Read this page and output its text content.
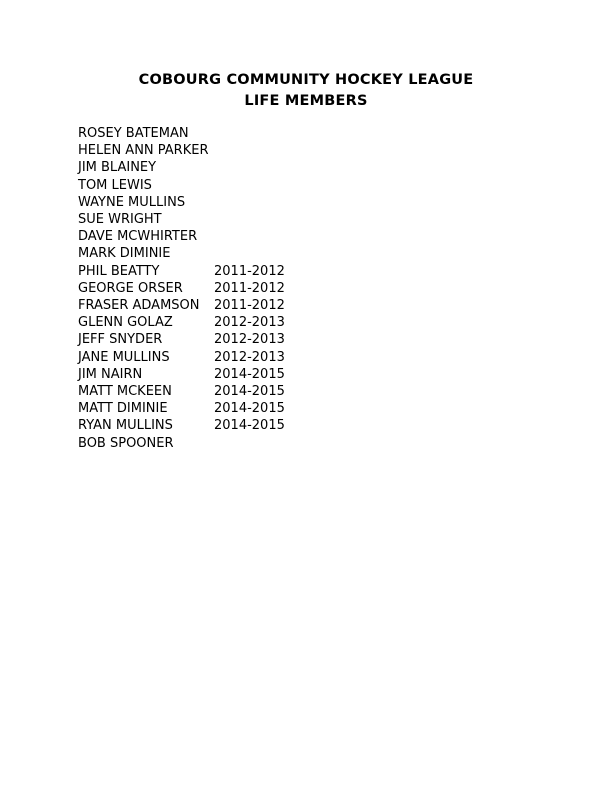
COBOURG COMMUNITY HOCKEY LEAGUE
LIFE MEMBERS
ROSEY BATEMAN
HELEN ANN PARKER
JIM BLAINEY
TOM LEWIS
WAYNE MULLINS
SUE WRIGHT
DAVE MCWHIRTER
MARK DIMINIE
PHIL BEATTY	2011-2012
GEORGE ORSER	2011-2012
FRASER ADAMSON	2011-2012
GLENN GOLAZ	2012-2013
JEFF SNYDER	2012-2013
JANE MULLINS	2012-2013
JIM NAIRN	2014-2015
MATT MCKEEN	2014-2015
MATT DIMINIE	2014-2015
RYAN MULLINS	2014-2015
BOB SPOONER
